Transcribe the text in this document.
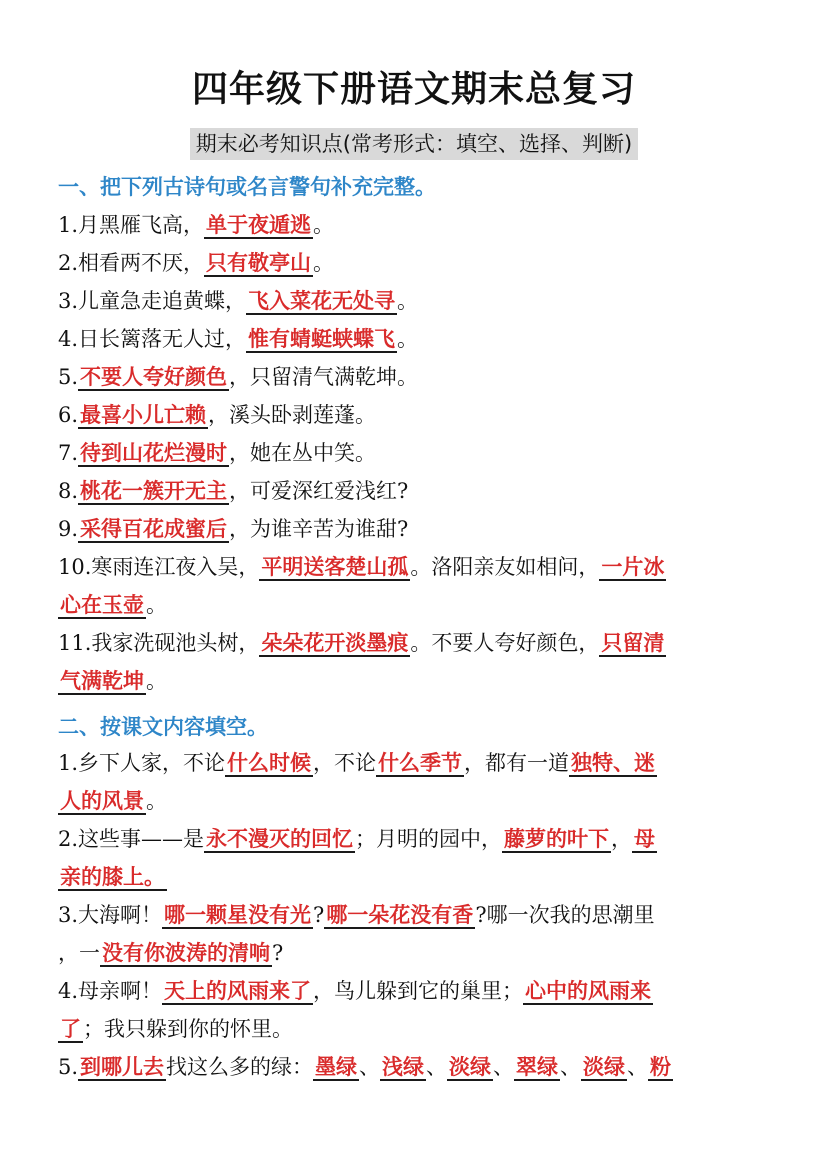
四年级下册语文期末总复习
期末必考知识点(常考形式：填空、选择、判断)

一、把下列古诗句或名言警句补充完整。

1.月黑雁飞高，单于夜遁逃。

2.相看两不厌，只有敬亭山。

3.儿童急走追黄蝶，飞入菜花无处寻。

4.日长篱落无人过，惟有蜻蜓蛱蝶飞。

5.不要人夸好颜色，只留清气满乾坤。

6.最喜小儿亡赖，溪头卧剥莲蓬。

7.待到山花烂漫时，她在丛中笑。

8.桃花一簇开无主，可爱深红爱浅红?

9.采得百花成蜜后，为谁辛苦为谁甜?

10.寒雨连江夜入吴，平明送客楚山孤。洛阳亲友如相问，一片冰

心在玉壶。

11.我家洗砚池头树，朵朵花开淡墨痕。不要人夸好颜色，只留清

气满乾坤。

二、按课文内容填空。

1.乡下人家，不论什么时候，不论什么季节，都有一道独特、迷

人的风景。

2.这些事——是永不漫灭的回忆；月明的园中，藤萝的叶下，母

亲的膝上。

3.大海啊！哪一颗星没有光?哪一朵花没有香?哪一次我的思潮里

，一没有你波涛的清响?

4.母亲啊！天上的风雨来了，鸟儿躲到它的巢里；心中的风雨来

了；我只躲到你的怀里。

5.到哪儿去找这么多的绿：墨绿、浅绿、淡绿、翠绿、淡绿、粉
